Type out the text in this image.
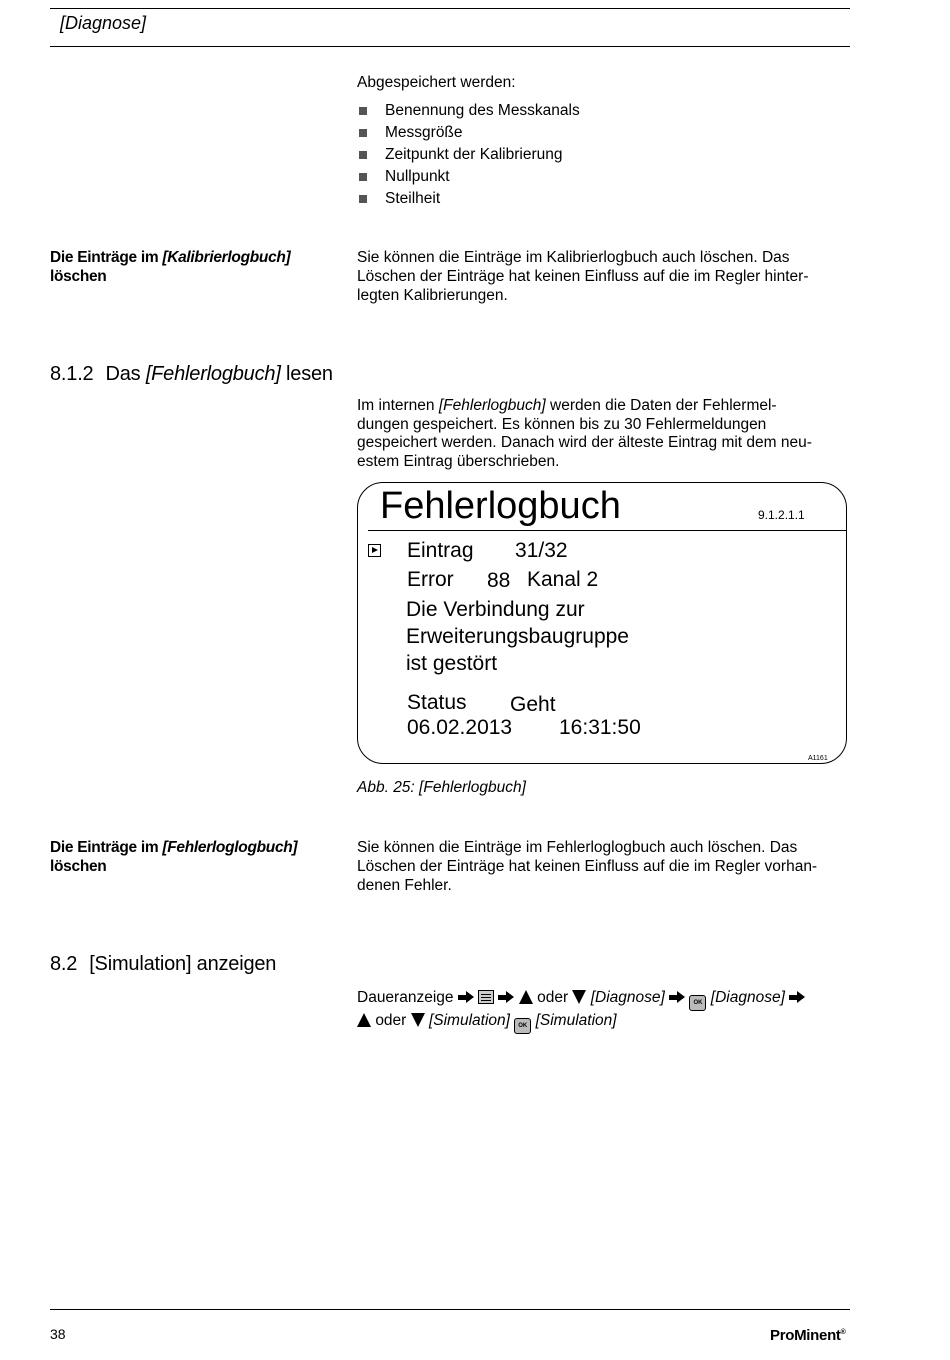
[Diagnose]
Abgespeichert werden:
Benennung des Messkanals
Messgröße
Zeitpunkt der Kalibrierung
Nullpunkt
Steilheit
Die Einträge im [Kalibrierlogbuch]
löschen
Sie können die Einträge im Kalibrierlogbuch auch löschen. Das
Löschen der Einträge hat keinen Einfluss auf die im Regler hinter-
legten Kalibrierungen.
8.1.2 Das [Fehlerlogbuch] lesen
Im internen [Fehlerlogbuch] werden die Daten der Fehlermel-
dungen gespeichert. Es können bis zu 30 Fehlermeldungen
gespeichert werden. Danach wird der älteste Eintrag mit dem neu-
estem Eintrag überschrieben.
Fehlerlogbuch	9.1.2.1.1
Eintrag 31/32
Error 88 Kanal 2
Die Verbindung zur
Erweiterungsbaugruppe
ist gestört
Status Geht
06.02.2013 16:31:50
A1161
Abb. 25: [Fehlerlogbuch]
Die Einträge im [Fehlerloglogbuch]
löschen
Sie können die Einträge im Fehlerloglogbuch auch löschen. Das
Löschen der Einträge hat keinen Einfluss auf die im Regler vorhan-
denen Fehler.
8.2 [Simulation] anzeigen
Daueranzeige	oder [Diagnose]	OK [Diagnose]
oder [Simulation] OK [Simulation]
38	ProMinent®
